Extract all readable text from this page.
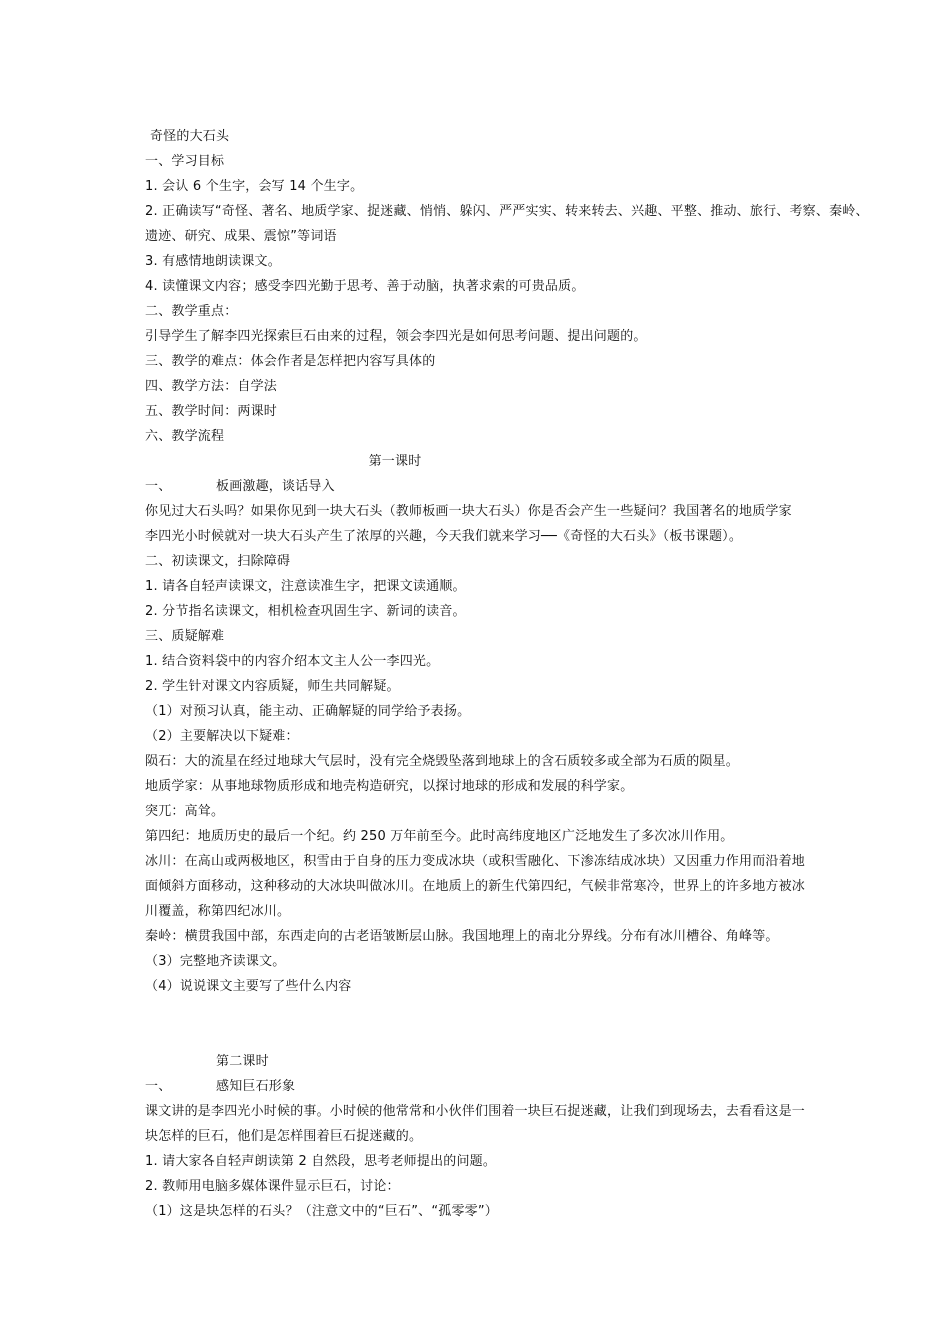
奇怪的大石头
一、学习目标
1. 会认 6 个生字，会写 14 个生字。
2. 正确读写“奇怪、著名、地质学家、捉迷藏、悄悄、躲闪、严严实实、转来转去、兴趣、平整、推动、旅行、考察、秦岭、
遗迹、研究、成果、震惊”等词语
3. 有感情地朗读课文。
4. 读懂课文内容；感受李四光勤于思考、善于动脑，执著求索的可贵品质。
二、教学重点：
引导学生了解李四光探索巨石由来的过程，领会李四光是如何思考问题、提出问题的。
三、教学的难点：体会作者是怎样把内容写具体的
四、教学方法：自学法
五、教学时间：两课时
六、教学流程
第一课时
一、	板画激趣，谈话导入
你见过大石头吗？如果你见到一块大石头（教师板画一块大石头）你是否会产生一些疑问？我国著名的地质学家
李四光小时候就对一块大石头产生了浓厚的兴趣，今天我们就来学习──《奇怪的大石头》（板书课题）。
二、初读课文，扫除障碍
1. 请各自轻声读课文，注意读准生字，把课文读通顺。
2. 分节指名读课文，相机检查巩固生字、新词的读音。
三、质疑解难
1. 结合资料袋中的内容介绍本文主人公一李四光。
2. 学生针对课文内容质疑，师生共同解疑。
（1）对预习认真，能主动、正确解疑的同学给予表扬。
（2）主要解决以下疑难：
陨石：大的流星在经过地球大气层时，没有完全烧毁坠落到地球上的含石质较多或全部为石质的陨星。
地质学家：从事地球物质形成和地壳构造研究，以探讨地球的形成和发展的科学家。
突兀：高耸。
第四纪：地质历史的最后一个纪。约 250 万年前至今。此时高纬度地区广泛地发生了多次冰川作用。
冰川：在高山或两极地区，积雪由于自身的压力变成冰块（或积雪融化、下渗冻结成冰块）又因重力作用而沿着地
面倾斜方面移动，这种移动的大冰块叫做冰川。在地质上的新生代第四纪，气候非常寒冷，世界上的许多地方被冰
川覆盖，称第四纪冰川。
秦岭：横贯我国中部，东西走向的古老语皱断层山脉。我国地理上的南北分界线。分布有冰川槽谷、角峰等。
（3）完整地齐读课文。
（4）说说课文主要写了些什么内容
第二课时
一、	感知巨石形象
课文讲的是李四光小时候的事。小时候的他常常和小伙伴们围着一块巨石捉迷藏，让我们到现场去，去看看这是一
块怎样的巨石，他们是怎样围着巨石捉迷藏的。
1. 请大家各自轻声朗读第 2 自然段，思考老师提出的问题。
2. 教师用电脑多媒体课件显示巨石，讨论：
（1）这是块怎样的石头？（注意文中的“巨石”、“孤零零”）
